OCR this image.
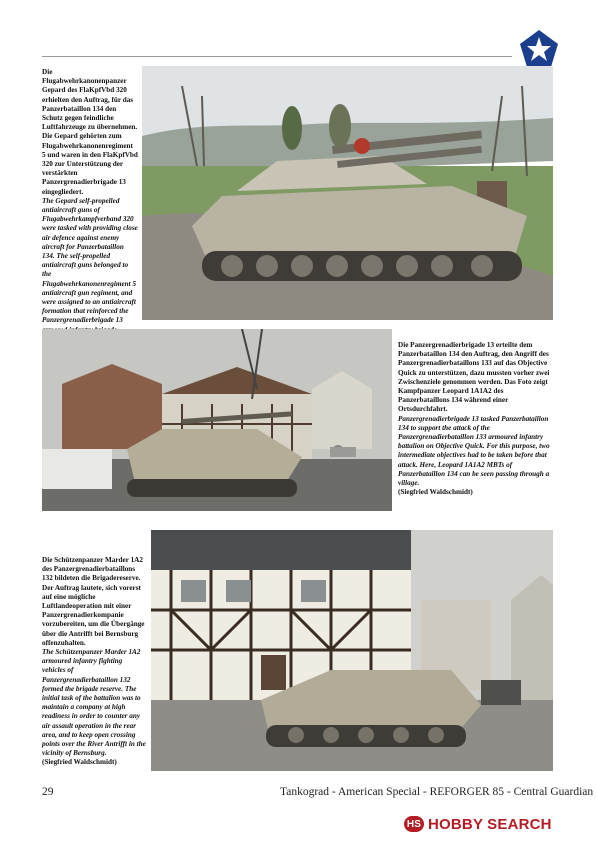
Die Flugabwehrkanonenpanzer Gepard des FlaKpfVbd 320 erhielten den Auftrag, für das Panzerbataillon 134 den Schutz gegen feindliche Luftfahrzeuge zu übernehmen. Die Gepard gehörten zum Flugabwehrkanonenregiment 5 und waren in den FlaKpfVbd 320 zur Unterstützung der verstärkten Panzergrenadierbrigade 13 eingegliedert.

The Gepard self-propelled antiaircraft guns of Flugabwehrkampfverband 320 were tasked with providing close air defence against enemy aircraft for Panzerbataillon 134. The self-propelled antiaircraft guns belonged to the Flugabwehrkanonenregiment 5 antiaircraft gun regiment, and were assigned to an antiaircraft formation that reinforced the Panzergrenadierbrigade 13

Die Panzergrenadierbrigade 13 erteilte dem Panzerbataillon 134 den Auftrag, den Angriff des Panzergrenadierbataillons 133 auf das Objective Quick zu unterstützen, dazu mussten vorher zwei Zwischenziele genommen werden. Das Foto zeigt Kampfpanzer Leopard 1A1A2 des Panzerbataillons 134 während einer Ortsdurchfahrt.

Panzergrenadierbrigade 13 tasked Panzerbataillon 134 to support the attack of the Panzergrenadierbataillon 133 armoured infantry battalion on Objective Quick. For this purpose, two intermediate objectives had to be taken before that attack. Here, Leopard 1A1A2 MBTs of Panzerbataillon 134 can be seen passing through a village.

(Siegfried Waldschmidt)

Die Schützenpanzer Marder 1A2 des Panzergrenadierbataillons 132 bildeten die Brigadereserve. Der Auftrag lautete, sich vorerst auf eine mögliche Luftlandeoperation mit einer Panzergrenadierkompanie vorzubereiten, um die Übergänge über die Antrifft bei Bernsburg offenzuhalten.

The Schützenpanzer Marder 1A2 armoured infantry fighting vehicles of Panzergrenadierbataillon 132 formed the brigade reserve. The initial task of the battalion was to maintain a company at high readiness in order to counter any air assault operation in the rear area, and to keep open crossing points over the River Antrifft in the vicinity of Bernsburg.

(Siegfried Waldschmidt)

29	Tankograd - American Special - REFORGER 85 - Central Guardian
HS HOBBY SEARCH
